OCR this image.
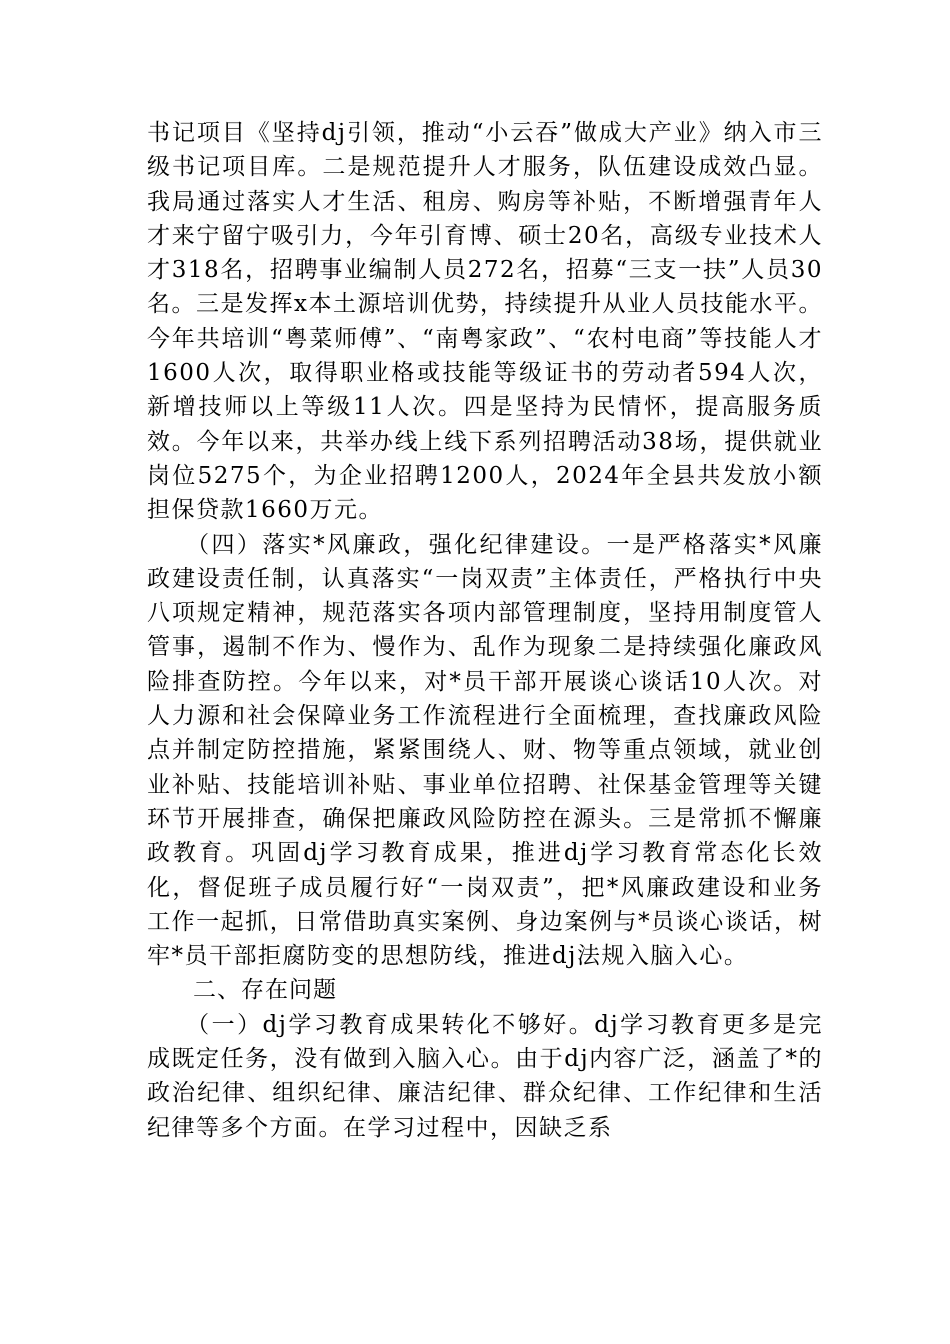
书记项目《坚持dj引领，推动“小云吞”做成大产业》纳入市三级书记项目库。二是规范提升人才服务，队伍建设成效凸显。我局通过落实人才生活、租房、购房等补贴，不断增强青年人才来宁留宁吸引力，今年引育博、硕士20名，高级专业技术人才318名，招聘事业编制人员272名，招募“三支一扶”人员30名。三是发挥x本土源培训优势，持续提升从业人员技能水平。今年共培训“粤菜师傅”、“南粤家政”、“农村电商”等技能人才1600人次，取得职业格或技能等级证书的劳动者594人次，新增技师以上等级11人次。四是坚持为民情怀，提高服务质效。今年以来，共举办线上线下系列招聘活动38场，提供就业岗位5275个，为企业招聘1200人，2024年全县共发放小额担保贷款1660万元。

（四）落实*风廉政，强化纪律建设。一是严格落实*风廉政建设责任制，认真落实“一岗双责”主体责任，严格执行中央八项规定精神，规范落实各项内部管理制度，坚持用制度管人管事，遏制不作为、慢作为、乱作为现象二是持续强化廉政风险排查防控。今年以来，对*员干部开展谈心谈话10人次。对人力源和社会保障业务工作流程进行全面梳理，查找廉政风险点并制定防控措施，紧紧围绕人、财、物等重点领域，就业创业补贴、技能培训补贴、事业单位招聘、社保基金管理等关键环节开展排查，确保把廉政风险防控在源头。三是常抓不懈廉政教育。巩固dj学习教育成果，推进dj学习教育常态化长效化，督促班子成员履行好“一岗双责”，把*风廉政建设和业务工作一起抓，日常借助真实案例、身边案例与*员谈心谈话，树牢*员干部拒腐防变的思想防线，推进dj法规入脑入心。

二、存在问题

（一）dj学习教育成果转化不够好。dj学习教育更多是完成既定任务，没有做到入脑入心。由于dj内容广泛，涵盖了*的政治纪律、组织纪律、廉洁纪律、群众纪律、工作纪律和生活纪律等多个方面。在学习过程中，因缺乏系
